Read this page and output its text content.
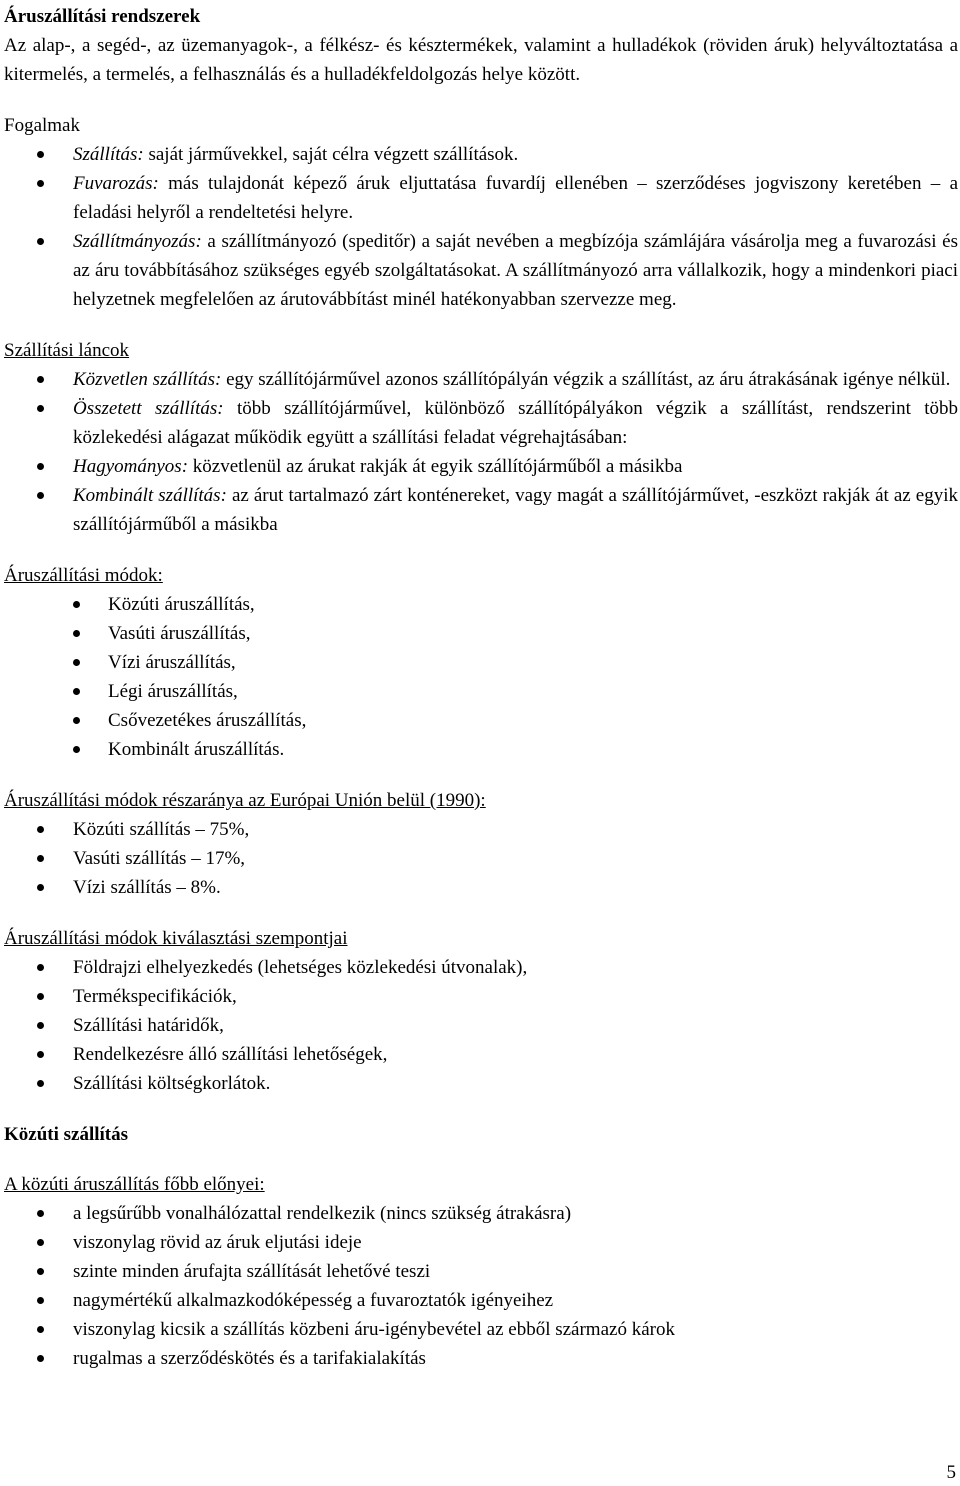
Áruszállítási rendszerek

Az alap-, a segéd-, az üzemanyagok-, a félkész- és késztermékek, valamint a hulladékok (röviden áruk) helyváltoztatása a kitermelés, a termelés, a felhasználás és a hulladékfeldolgozás helye között.

Fogalmak

Szállítás: saját járművekkel, saját célra végzett szállítások.
Fuvarozás: más tulajdonát képező áruk eljuttatása fuvardíj ellenében – szerződéses jogviszony keretében – a feladási helyről a rendeltetési helyre.
Szállítmányozás: a szállítmányozó (speditőr) a saját nevében a megbízója számlájára vásárolja meg a fuvarozási és az áru továbbításához szükséges egyéb szolgáltatásokat. A szállítmányozó arra vállalkozik, hogy a mindenkori piaci helyzetnek megfelelően az árutovábbítást minél hatékonyabban szervezze meg.

Szállítási láncok

Közvetlen szállítás: egy szállítójárművel azonos szállítópályán végzik a szállítást, az áru átrakásának igénye nélkül.
Összetett szállítás: több szállítójárművel, különböző szállítópályákon végzik a szállítást, rendszerint több közlekedési alágazat működik együtt a szállítási feladat végrehajtásában:
Hagyományos: közvetlenül az árukat rakják át egyik szállítójárműből a másikba
Kombinált szállítás: az árut tartalmazó zárt konténereket, vagy magát a szállítójárművet, -eszközt rakják át az egyik szállítójárműből a másikba

Áruszállítási módok:

Közúti áruszállítás,
Vasúti áruszállítás,
Vízi áruszállítás,
Légi áruszállítás,
Csővezetékes áruszállítás,
Kombinált áruszállítás.

Áruszállítási módok részaránya az Európai Unión belül (1990):

Közúti szállítás – 75%,
Vasúti szállítás – 17%,
Vízi szállítás – 8%.

Áruszállítási módok kiválasztási szempontjai

Földrajzi elhelyezkedés (lehetséges közlekedési útvonalak),
Termékspecifikációk,
Szállítási határidők,
Rendelkezésre álló szállítási lehetőségek,
Szállítási költségkorlátok.

Közúti szállítás

A közúti áruszállítás főbb előnyei:

a legsűrűbb vonalhálózattal rendelkezik (nincs szükség átrakásra)
viszonylag rövid az áruk eljutási ideje
szinte minden árufajta szállítását lehetővé teszi
nagymértékű alkalmazkodóképesség a fuvaroztatók igényeihez
viszonylag kicsik a szállítás közbeni áru-igénybevétel az ebből származó károk
rugalmas a szerződéskötés és a tarifakialakítás
5
